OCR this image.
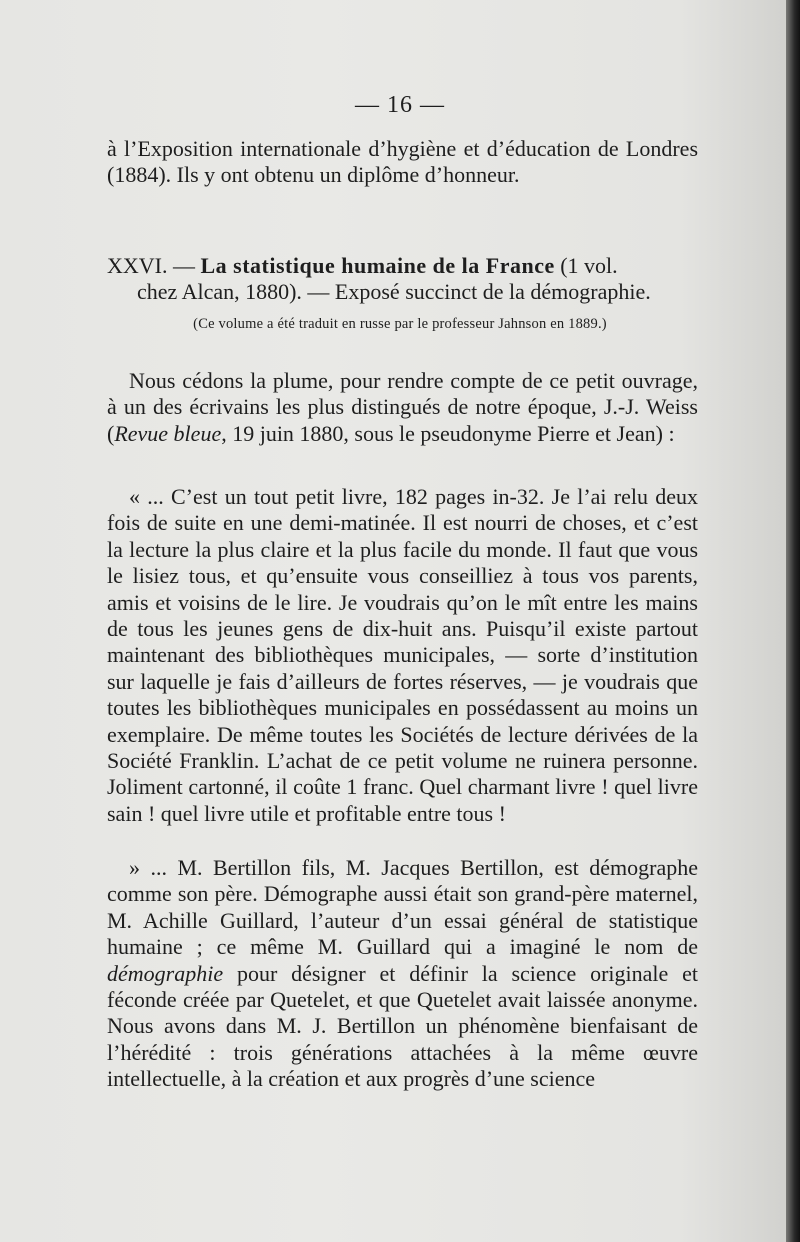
— 16 —

à l’Exposition internationale d’hygiène et d’éducation de Londres (1884). Ils y ont obtenu un diplôme d’honneur.

XXVI. — La statistique humaine de la France (1 vol.

chez Alcan, 1880). — Exposé succinct de la démographie.

(Ce volume a été traduit en russe par le professeur Jahnson en 1889.)

Nous cédons la plume, pour rendre compte de ce petit ouvrage, à un des écrivains les plus distingués de notre époque, J.-J. Weiss (Revue bleue, 19 juin 1880, sous le pseudonyme Pierre et Jean) :

« ... C’est un tout petit livre, 182 pages in-32. Je l’ai relu deux fois de suite en une demi-matinée. Il est nourri de choses, et c’est la lecture la plus claire et la plus facile du monde. Il faut que vous le lisiez tous, et qu’ensuite vous conseilliez à tous vos parents, amis et voisins de le lire. Je voudrais qu’on le mît entre les mains de tous les jeunes gens de dix-huit ans. Puisqu’il existe partout maintenant des bibliothèques municipales, — sorte d’institution sur laquelle je fais d’ailleurs de fortes réserves, — je voudrais que toutes les bibliothèques municipales en possédassent au moins un exemplaire. De même toutes les Sociétés de lecture dérivées de la Société Franklin. L’achat de ce petit volume ne ruinera personne. Joliment cartonné, il coûte 1 franc. Quel charmant livre ! quel livre sain ! quel livre utile et profitable entre tous !

» ... M. Bertillon fils, M. Jacques Bertillon, est démographe comme son père. Démographe aussi était son grand-père maternel, M. Achille Guillard, l’auteur d’un essai général de statistique humaine ; ce même M. Guillard qui a imaginé le nom de démographie pour désigner et définir la science originale et féconde créée par Quetelet, et que Quetelet avait laissée anonyme. Nous avons dans M. J. Bertillon un phénomène bienfaisant de l’hérédité : trois générations attachées à la même œuvre intellectuelle, à la création et aux progrès d’une science
